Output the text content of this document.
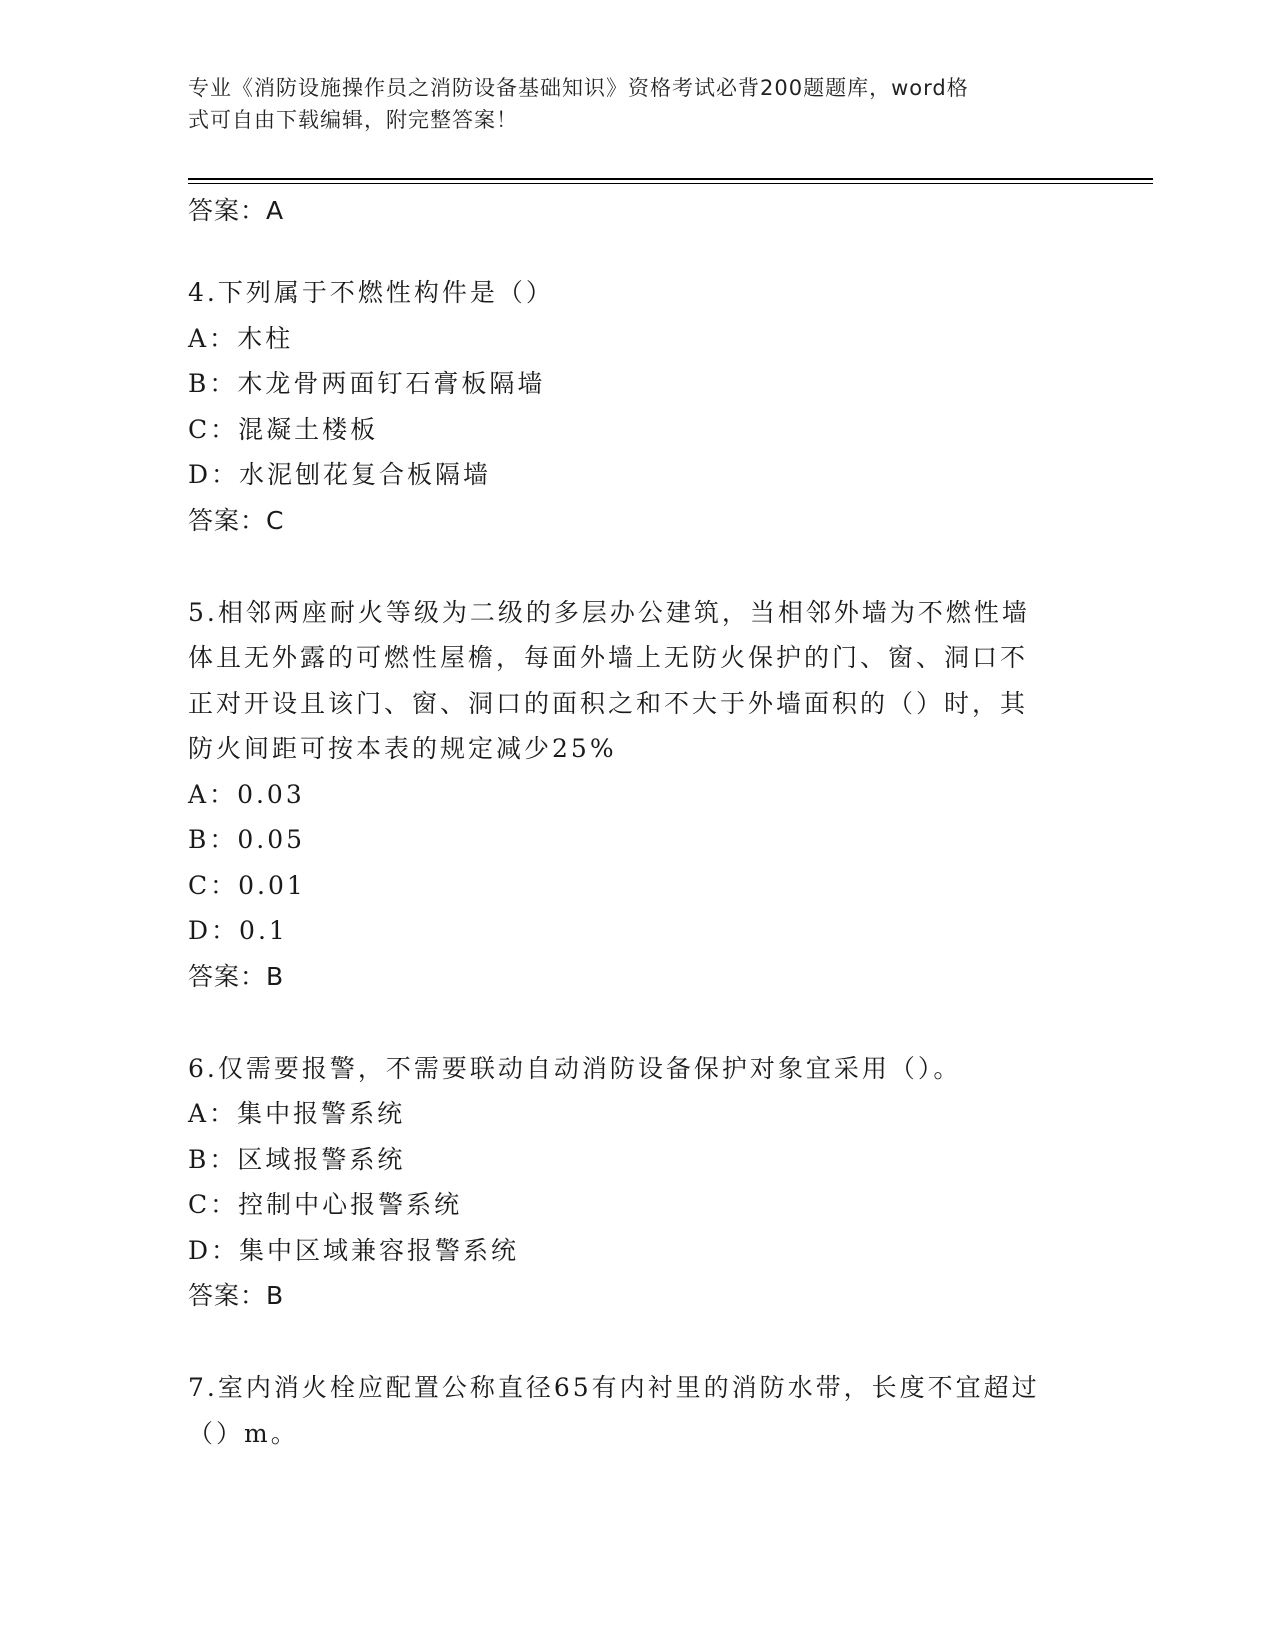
专业《消防设施操作员之消防设备基础知识》资格考试必背200题题库，word格
式可自由下载编辑，附完整答案！
答案：A
4.下列属于不燃性构件是（）
A：木柱
B：木龙骨两面钉石膏板隔墙
C：混凝土楼板
D：水泥刨花复合板隔墙
答案：C
5.相邻两座耐火等级为二级的多层办公建筑，当相邻外墙为不燃性墙
体且无外露的可燃性屋檐，每面外墙上无防火保护的门、窗、洞口不
正对开设且该门、窗、洞口的面积之和不大于外墙面积的（）时，其
防火间距可按本表的规定减少25%
A：0.03
B：0.05
C：0.01
D：0.1
答案：B
6.仅需要报警，不需要联动自动消防设备保护对象宜采用（）。
A：集中报警系统
B：区域报警系统
C：控制中心报警系统
D：集中区域兼容报警系统
答案：B
7.室内消火栓应配置公称直径65有内衬里的消防水带，长度不宜超过
（）m。
